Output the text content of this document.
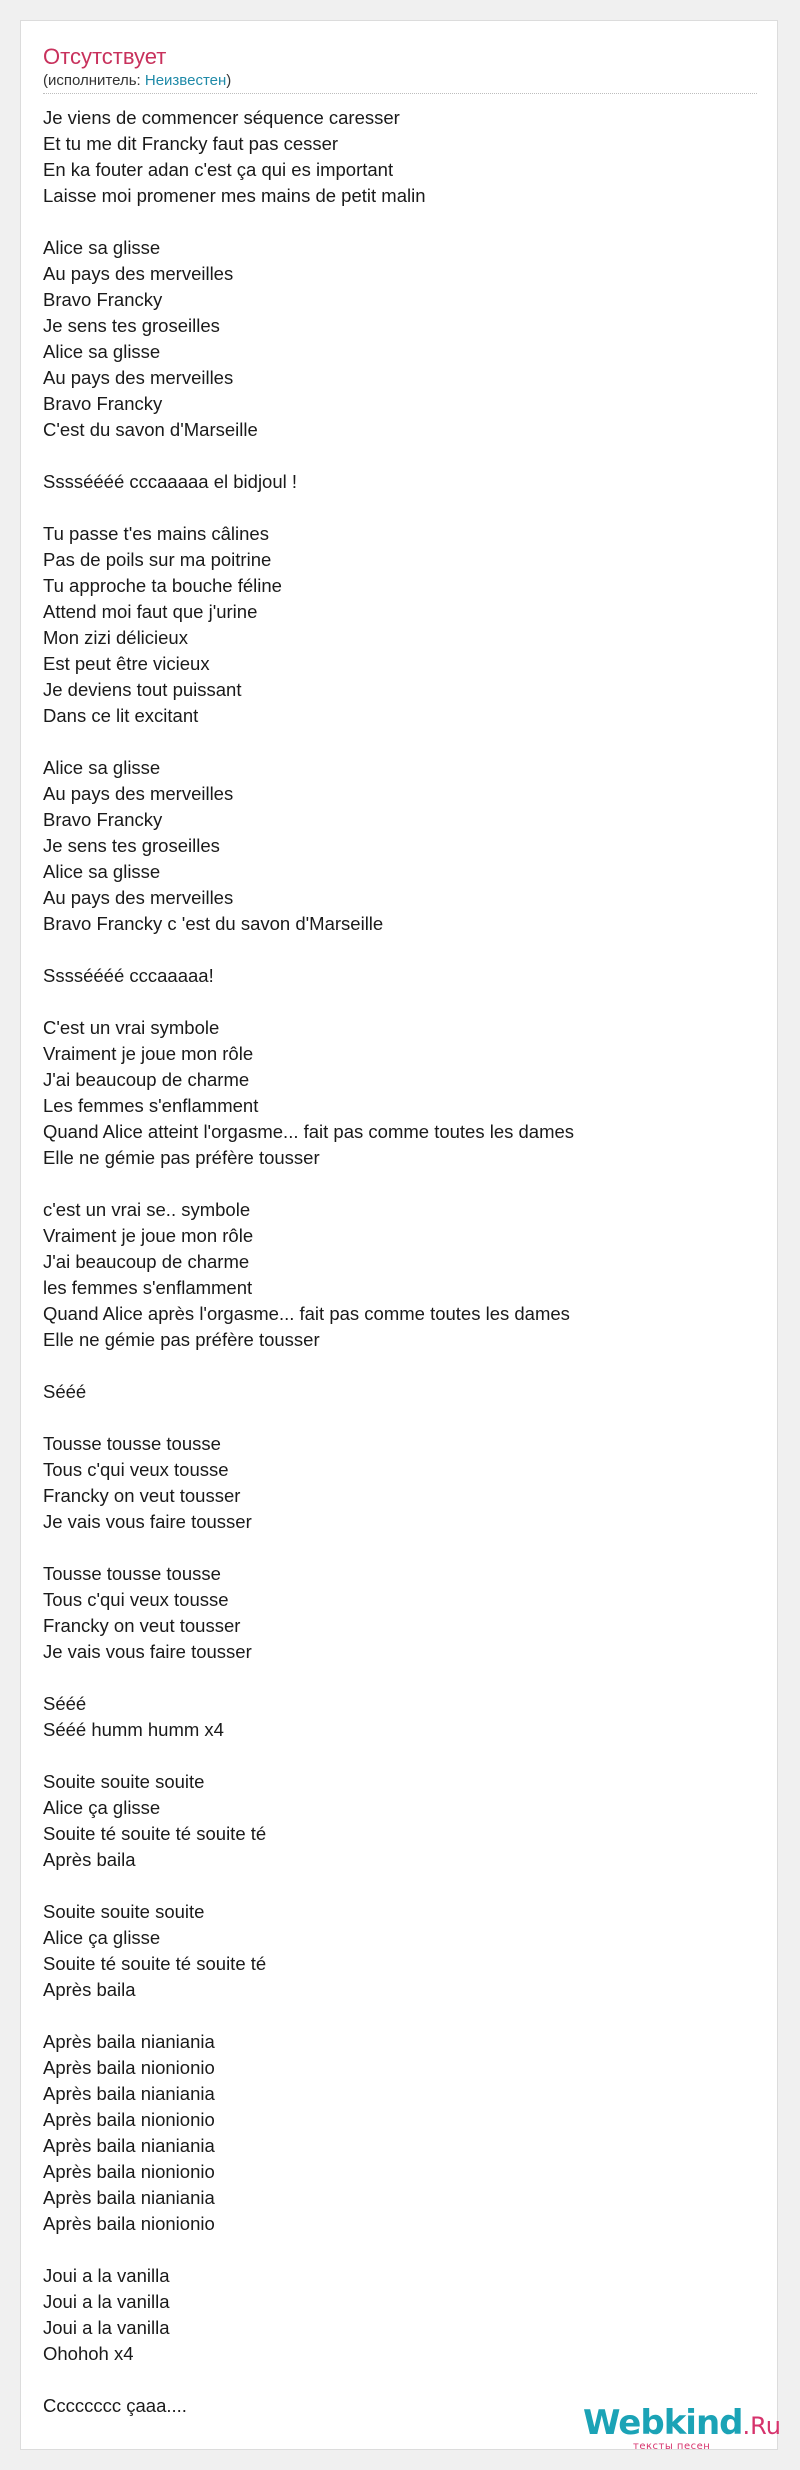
Отсутствует
(исполнитель: Неизвестен)
Je viens de commencer séquence caresser
Et tu me dit Francky faut pas cesser
En ka fouter adan c'est ça qui es important
Laisse moi promener mes mains de petit malin
Alice sa glisse
Au pays des merveilles
Bravo Francky
Je sens tes groseilles
Alice sa glisse
Au pays des merveilles
Bravo Francky
C'est du savon d'Marseille
Sssséééé cccaaaaa el bidjoul !
Tu passe t'es mains câlines
Pas de poils sur ma poitrine
Tu approche ta bouche féline
Attend moi faut que j'urine
Mon zizi délicieux
Est peut être vicieux
Je deviens tout puissant
Dans ce lit excitant
Alice sa glisse
Au pays des merveilles
Bravo Francky
Je sens tes groseilles
Alice sa glisse
Au pays des merveilles
Bravo Francky c 'est du savon d'Marseille
Sssséééé cccaaaaa!
C'est un vrai symbole
Vraiment je joue mon rôle
J'ai beaucoup de charme
Les femmes s'enflamment
Quand Alice atteint l'orgasme... fait pas comme toutes les dames
Elle ne gémie pas préfère tousser
c'est un vrai se.. symbole
Vraiment je joue mon rôle
J'ai beaucoup de charme
les femmes s'enflamment
Quand Alice après l'orgasme... fait pas comme toutes les dames
Elle ne gémie pas préfère tousser
Sééé
Tousse tousse tousse
Tous c'qui veux tousse
Francky on veut tousser
Je vais vous faire tousser
Tousse tousse tousse
Tous c'qui veux tousse
Francky on veut tousser
Je vais vous faire tousser
Sééé
Sééé humm humm x4
Souite souite souite
Alice ça glisse
Souite té souite té souite té
Après baila
Souite souite souite
Alice ça glisse
Souite té souite té souite té
Après baila
Après baila nianiania
Après baila nionionio
Après baila nianiania
Après baila nionionio
Après baila nianiania
Après baila nionionio
Après baila nianiania
Après baila nionionio
Joui a la vanilla
Joui a la vanilla
Joui a la vanilla
Ohohoh x4
Cccccccc çaaa....	Webkind.Ru
тексты песен
